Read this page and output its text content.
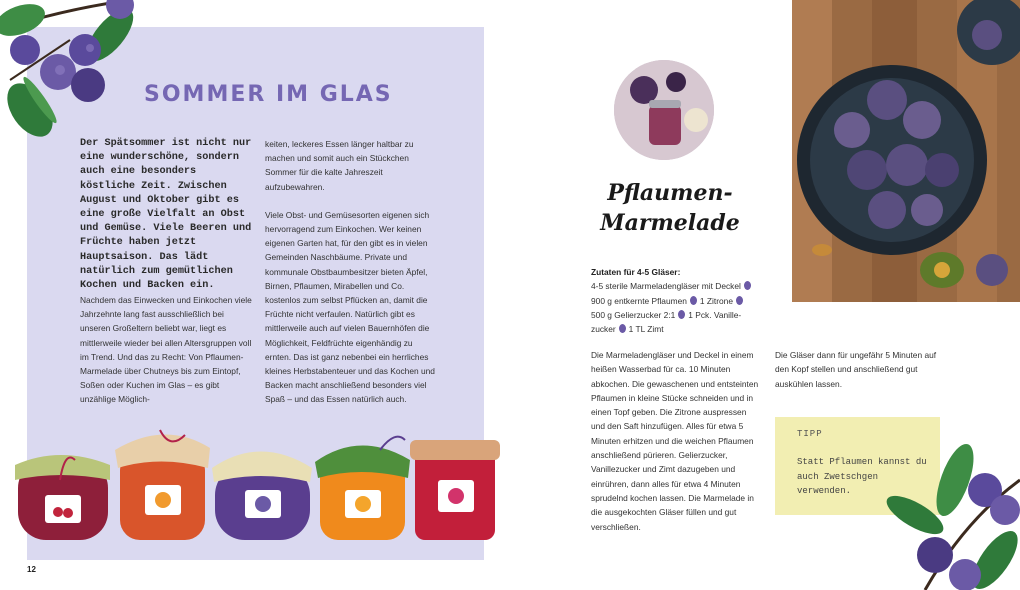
SOMMER IM GLAS
Der Spätsommer ist nicht nur eine wunderschöne, sondern auch eine besonders köstliche Zeit. Zwischen August und Oktober gibt es eine große Vielfalt an Obst und Gemüse. Viele Beeren und Früchte haben jetzt Hauptsaison. Das lädt natürlich zum gemütlichen Kochen und Backen ein.

Nachdem das Einwecken und Einkochen viele Jahrzehnte lang fast ausschließlich bei unseren Großeltern beliebt war, liegt es mittlerweile wieder bei allen Altersgruppen voll im Trend. Und das zu Recht: Von Pflaumen-Marmelade über Chutneys bis zum Eintopf, Soßen oder Kuchen im Glas – es gibt unzählige Möglich-

keiten, leckeres Essen länger haltbar zu machen und somit auch ein Stückchen Sommer für die kalte Jahreszeit aufzubewahren.

Viele Obst- und Gemüsesorten eigenen sich hervorragend zum Einkochen. Wer keinen eigenen Garten hat, für den gibt es in vielen Gemeinden Naschbäume. Private und kommunale Obstbaumbesitzer bieten Äpfel, Birnen, Pflaumen, Mirabellen und Co. kostenlos zum selbst Pflücken an, damit die Früchte nicht verfaulen. Natürlich gibt es mittlerweile auch auf vielen Bauernhöfen die Möglichkeit, Feldfrüchte eigenhändig zu ernten. Das ist ganz nebenbei ein herrliches kleines Herbstabenteuer und das Kochen und Backen macht anschließend besonders viel Spaß – und das Essen natürlich auch.

12
Pflaumen-
Marmelade
Zutaten für 4-5 Gläser:
4-5 sterile Marmeladengläser mit Deckel
900 g entkernte Pflaumen 1 Zitrone
500 g Gelierzucker 2:1 1 Pck. Vanille-
zucker 1 TL Zimt
Die Marmeladengläser und Deckel in einem heißen Wasserbad für ca. 10 Minuten abkochen. Die gewaschenen und entsteinten Pflaumen in kleine Stücke schneiden und in einen Topf geben. Die Zitrone auspressen und den Saft hinzufügen. Alles für etwa 5 Minuten erhitzen und die weichen Pflaumen anschließend pürieren. Gelierzucker, Vanillezucker und Zimt dazugeben und einrühren, dann alles für etwa 4 Minuten sprudelnd kochen lassen. Die Marmelade in die ausgekochten Gläser füllen und gut verschließen.
Die Gläser dann für ungefähr 5 Minuten auf den Kopf stellen und anschließend gut auskühlen lassen.
TIPP
Statt Pflaumen kannst du auch Zwetschgen verwenden.
